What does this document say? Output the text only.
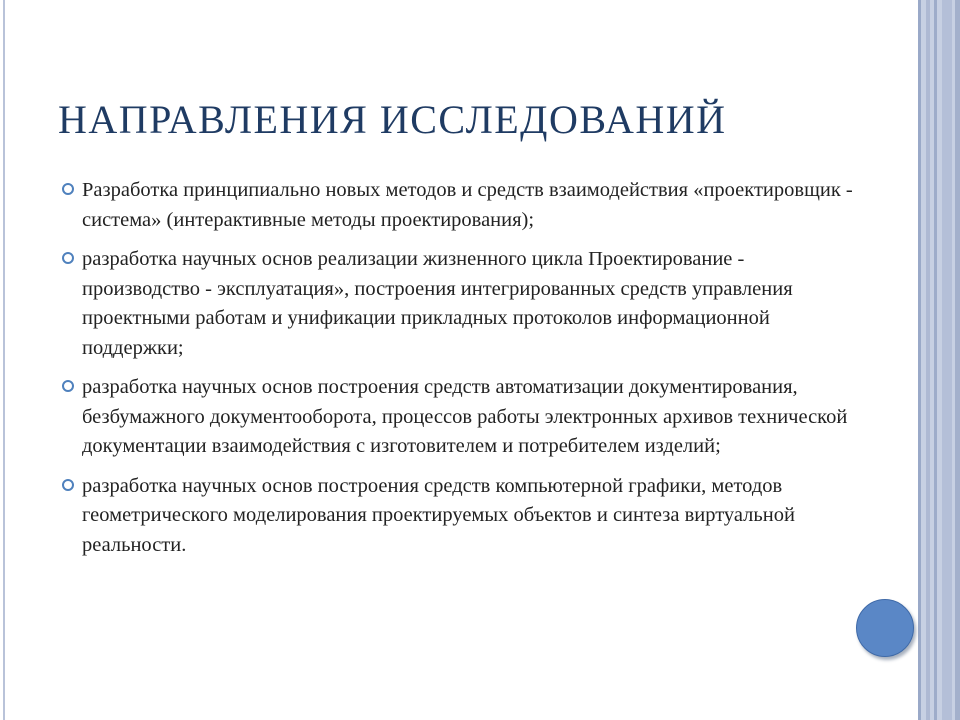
НАПРАВЛЕНИЯ ИССЛЕДОВАНИЙ
Разработка принципиально новых методов и средств взаимодействия «проектировщик - система» (интерактивные методы проектирования);
разработка научных основ реализации жизненного цикла Проектирование - производство - эксплуатация», построения интегрированных средств управления проектными работам и унификации прикладных протоколов информационной поддержки;
разработка научных основ построения средств автоматизации документирования, безбумажного документооборота, процессов работы электронных архивов технической документации взаимодействия с изготовителем и потребителем изделий;
разработка научных основ построения средств компьютерной графики, методов геометрического моделирования проектируемых объектов и синтеза виртуальной реальности.
